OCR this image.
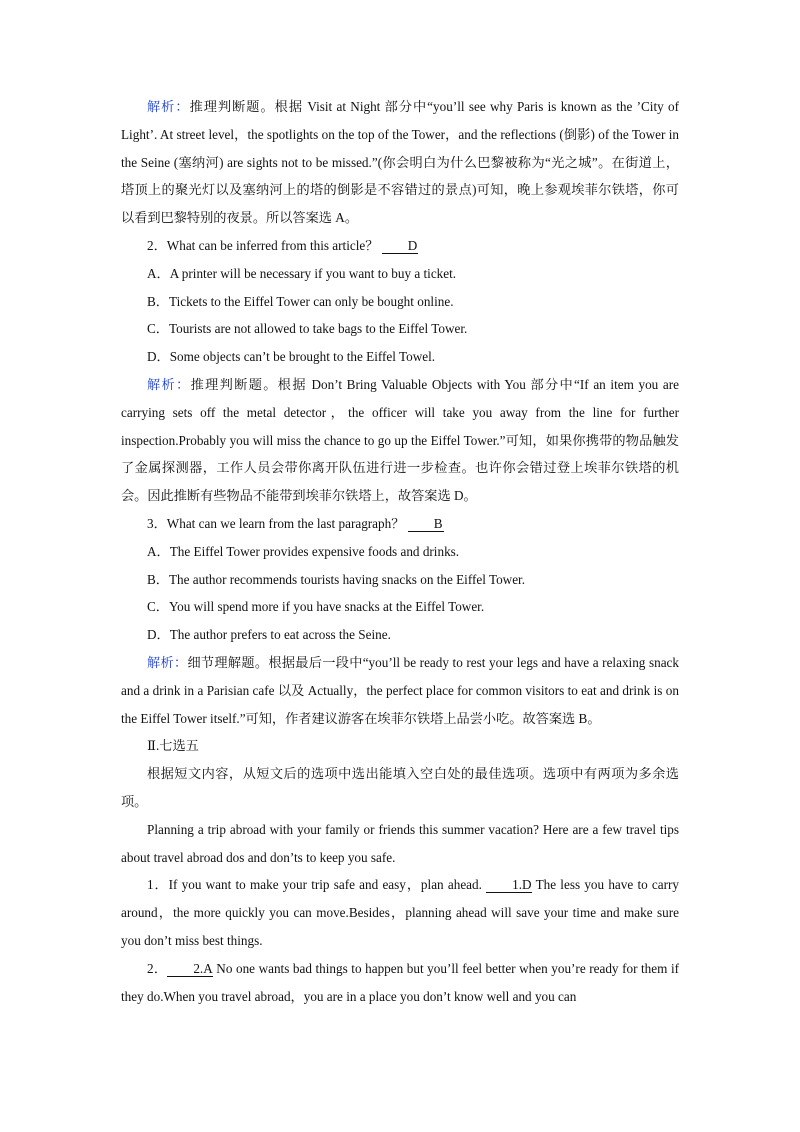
解析：推理判断题。根据 Visit at Night 部分中“you’ll see why Paris is known as the ’City of Light’. At street level，the spotlights on the top of the Tower，and the reflections (倒影) of the Tower in the Seine (塞纳河) are sights not to be missed.”(你会明白为什么巴黎被称为“光之城”。在街道上，塔顶上的聚光灯以及塞纳河上的塔的倒影是不容错过的景点)可知，晚上参观埃菲尔铁塔，你可以看到巴黎特别的夜景。所以答案选 A。

2．What can be inferred from this article？ D

A．A printer will be necessary if you want to buy a ticket.

B．Tickets to the Eiffel Tower can only be bought online.

C．Tourists are not allowed to take bags to the Eiffel Tower.

D．Some objects can’t be brought to the Eiffel Towel.

解析：推理判断题。根据 Don’t Bring Valuable Objects with You 部分中“If an item you are carrying sets off the metal detector，the officer will take you away from the line for further inspection.Probably you will miss the chance to go up the Eiffel Tower.”可知，如果你携带的物品触发了金属探测器，工作人员会带你离开队伍进行进一步检查。也许你会错过登上埃菲尔铁塔的机会。因此推断有些物品不能带到埃菲尔铁塔上，故答案选 D。

3．What can we learn from the last paragraph？ B

A．The Eiffel Tower provides expensive foods and drinks.

B．The author recommends tourists having snacks on the Eiffel Tower.

C．You will spend more if you have snacks at the Eiffel Tower.

D．The author prefers to eat across the Seine.

解析：细节理解题。根据最后一段中“you’ll be ready to rest your legs and have a relaxing snack and a drink in a Parisian cafe 以及 Actually，the perfect place for common visitors to eat and drink is on the Eiffel Tower itself.”可知，作者建议游客在埃菲尔铁塔上品尝小吃。故答案选 B。

Ⅱ.七选五

根据短文内容，从短文后的选项中选出能填入空白处的最佳选项。选项中有两项为多余选项。

Planning a trip abroad with your family or friends this summer vacation? Here are a few travel tips about travel abroad dos and don’ts to keep you safe.

1．If you want to make your trip safe and easy，plan ahead. 1.D The less you have to carry around，the more quickly you can move.Besides，planning ahead will save your time and make sure you don’t miss best things.

2． 2.A No one wants bad things to happen but you’ll feel better when you’re ready for them if they do.When you travel abroad，you are in a place you don’t know well and you can
